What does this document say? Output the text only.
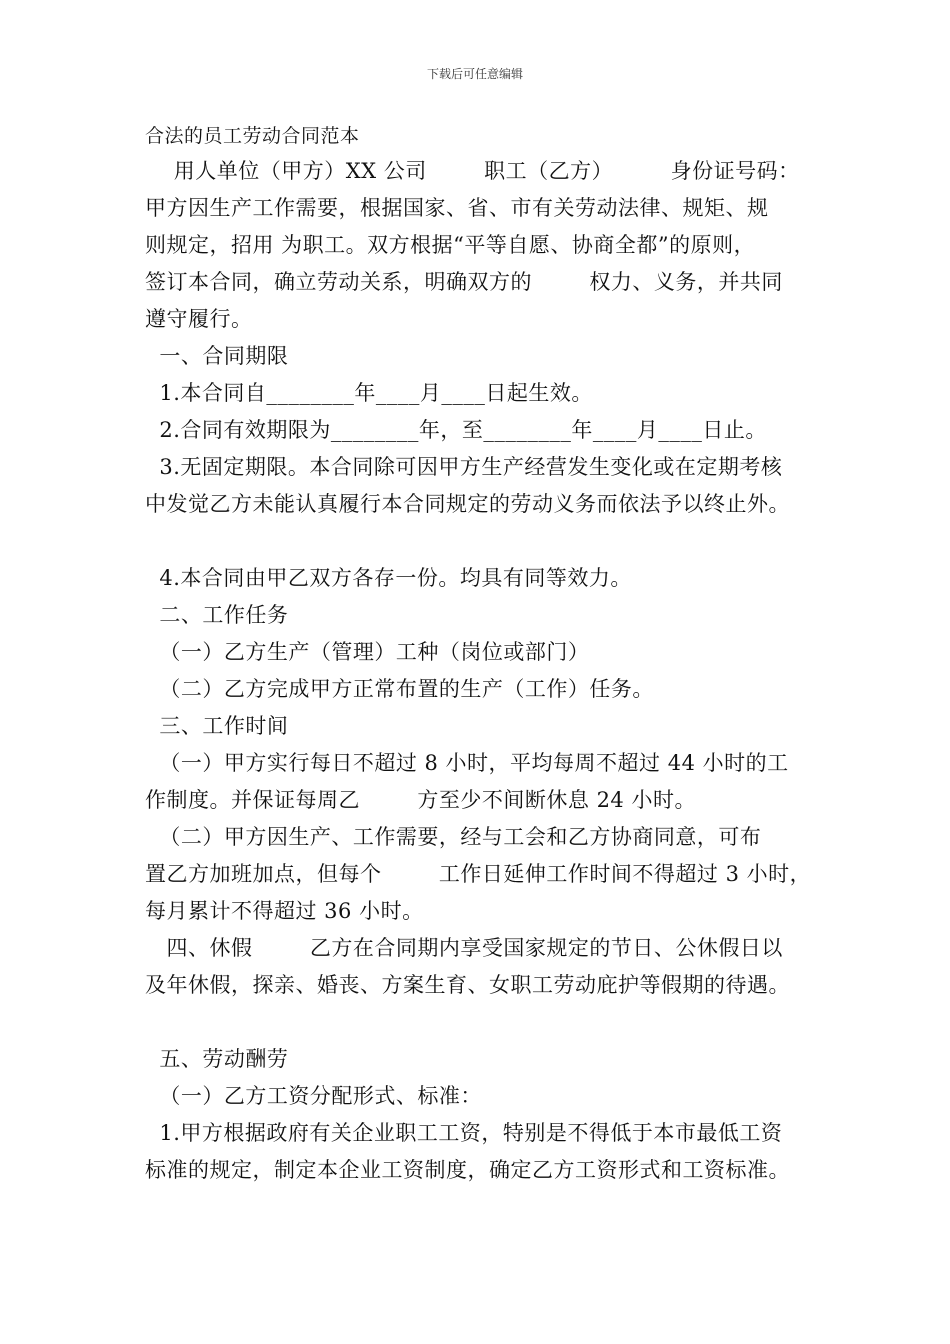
下载后可任意编辑
合法的员工劳动合同范本
用人单位（甲方）XX 公司        职工（乙方）        身份证号码：
甲方因生产工作需要，根据国家、省、市有关劳动法律、规矩、规
则规定，招用 为职工。双方根据“平等自愿、协商全都”的原则，
签订本合同，确立劳动关系，明确双方的        权力、义务，并共同
遵守履行。
一、合同期限
1.本合同自________年____月____日起生效。
2.合同有效期限为________年，至________年____月____日止。
3.无固定期限。本合同除可因甲方生产经营发生变化或在定期考核
中发觉乙方未能认真履行本合同规定的劳动义务而依法予以终止外。
4.本合同由甲乙双方各存一份。均具有同等效力。
二、工作任务
（一）乙方生产（管理）工种（岗位或部门）
（二）乙方完成甲方正常布置的生产（工作）任务。
三、工作时间
（一）甲方实行每日不超过 8 小时，平均每周不超过 44 小时的工
作制度。并保证每周乙        方至少不间断休息 24 小时。
（二）甲方因生产、工作需要，经与工会和乙方协商同意，可布
置乙方加班加点，但每个        工作日延伸工作时间不得超过 3 小时，
每月累计不得超过 36 小时。
四、休假        乙方在合同期内享受国家规定的节日、公休假日以
及年休假，探亲、婚丧、方案生育、女职工劳动庇护等假期的待遇。
五、劳动酬劳
（一）乙方工资分配形式、标准：
1.甲方根据政府有关企业职工工资，特别是不得低于本市最低工资
标准的规定，制定本企业工资制度，确定乙方工资形式和工资标准。
